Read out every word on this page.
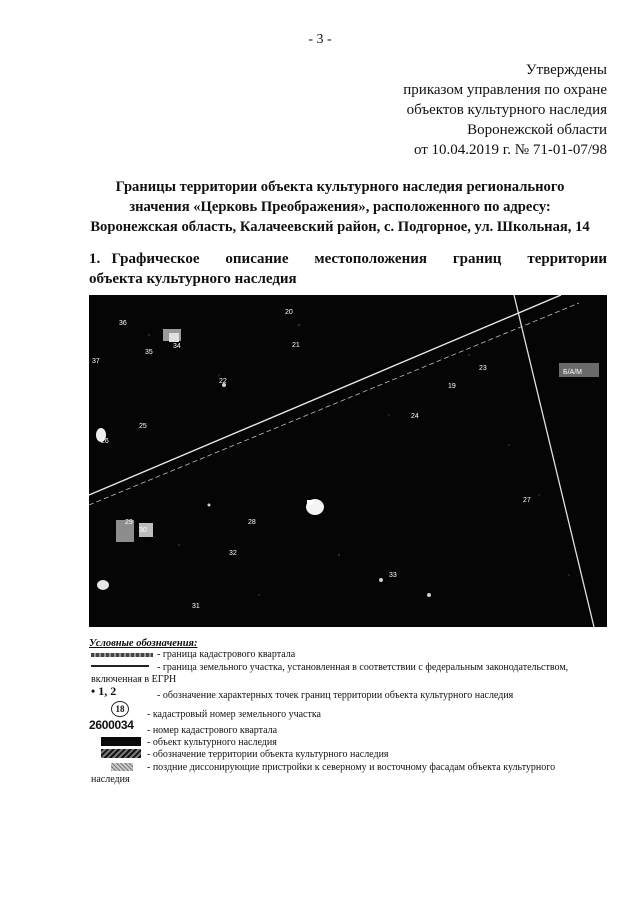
- 3 -
Утверждены
приказом управления по охране
объектов культурного наследия
Воронежской области
от 10.04.2019 г. № 71-01-07/98
Границы территории объекта культурного наследия регионального
значения «Церковь Преображения», расположенного по адресу:
Воронежская область, Калачеевский район, с. Подгорное, ул. Школьная, 14
1. Графическое описание местоположения границ территории
объекта культурного наследия
Б/А/М
20
21
36
35
34
37
22
19
23
24
25
26
27
28
29
30
31
32
33
Условные обозначения:
- граница кадастрового квартала
- граница земельного участка, установленная в соответствии с федеральным законодательством,
включенная в ЕГРН
• 1, 2	- обозначение характерных точек границ территории объекта культурного наследия
18	- кадастровый номер земельного участка
2600034 - номер кадастрового квартала
- объект культурного наследия
- обозначение территории объекта культурного наследия
- поздние диссонирующие пристройки к северному и восточному фасадам объекта культурного
наследия
